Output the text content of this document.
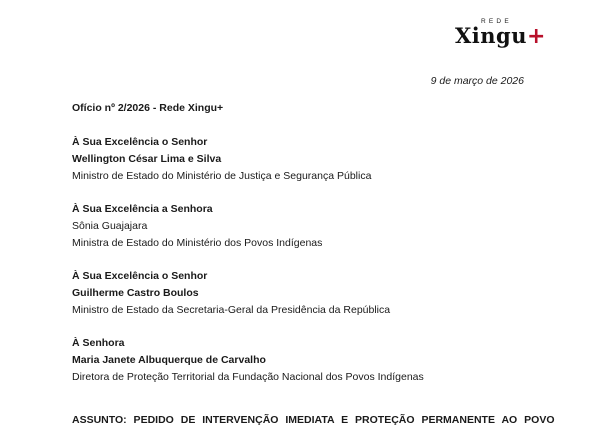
REDE
Xingu+
9 de março de 2026
Ofício nº 2/2026 - Rede Xingu+
À Sua Excelência o Senhor
Wellington César Lima e Silva
Ministro de Estado do Ministério de Justiça e Segurança Pública
À Sua Excelência a Senhora
Sônia Guajajara
Ministra de Estado do Ministério dos Povos Indígenas
À Sua Excelência o Senhor
Guilherme Castro Boulos
Ministro de Estado da Secretaria-Geral da Presidência da República
À Senhora
Maria Janete Albuquerque de Carvalho
Diretora de Proteção Territorial da Fundação Nacional dos Povos Indígenas
ASSUNTO: PEDIDO DE INTERVENÇÃO IMEDIATA E PROTEÇÃO PERMANENTE AO POVO
